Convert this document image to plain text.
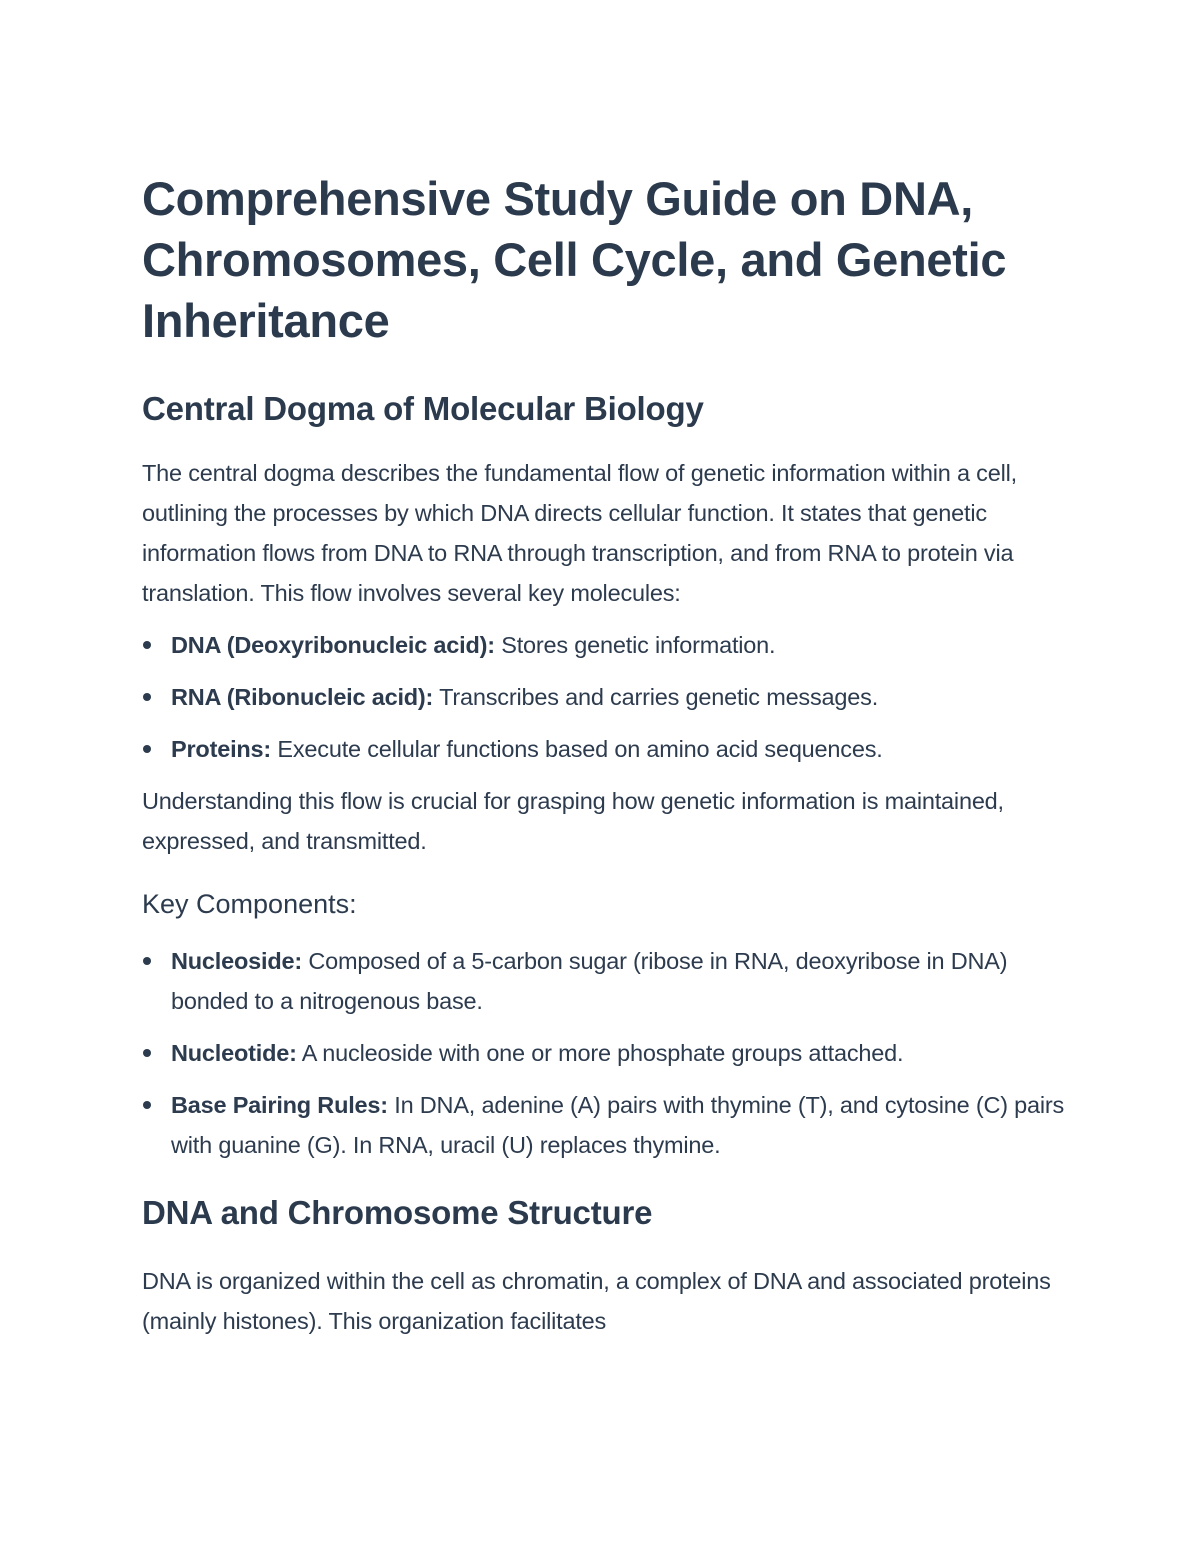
Comprehensive Study Guide on DNA, Chromosomes, Cell Cycle, and Genetic Inheritance
Central Dogma of Molecular Biology

The central dogma describes the fundamental flow of genetic information within a cell, outlining the processes by which DNA directs cellular function. It states that genetic information flows from DNA to RNA through transcription, and from RNA to protein via translation. This flow involves several key molecules:

DNA (Deoxyribonucleic acid): Stores genetic information.
RNA (Ribonucleic acid): Transcribes and carries genetic messages.
Proteins: Execute cellular functions based on amino acid sequences.

Understanding this flow is crucial for grasping how genetic information is maintained, expressed, and transmitted.

Key Components:
Nucleoside: Composed of a 5-carbon sugar (ribose in RNA, deoxyribose in DNA) bonded to a nitrogenous base.
Nucleotide: A nucleoside with one or more phosphate groups attached.
Base Pairing Rules: In DNA, adenine (A) pairs with thymine (T), and cytosine (C) pairs with guanine (G). In RNA, uracil (U) replaces thymine.
DNA and Chromosome Structure

DNA is organized within the cell as chromatin, a complex of DNA and associated proteins (mainly histones). This organization facilitates
